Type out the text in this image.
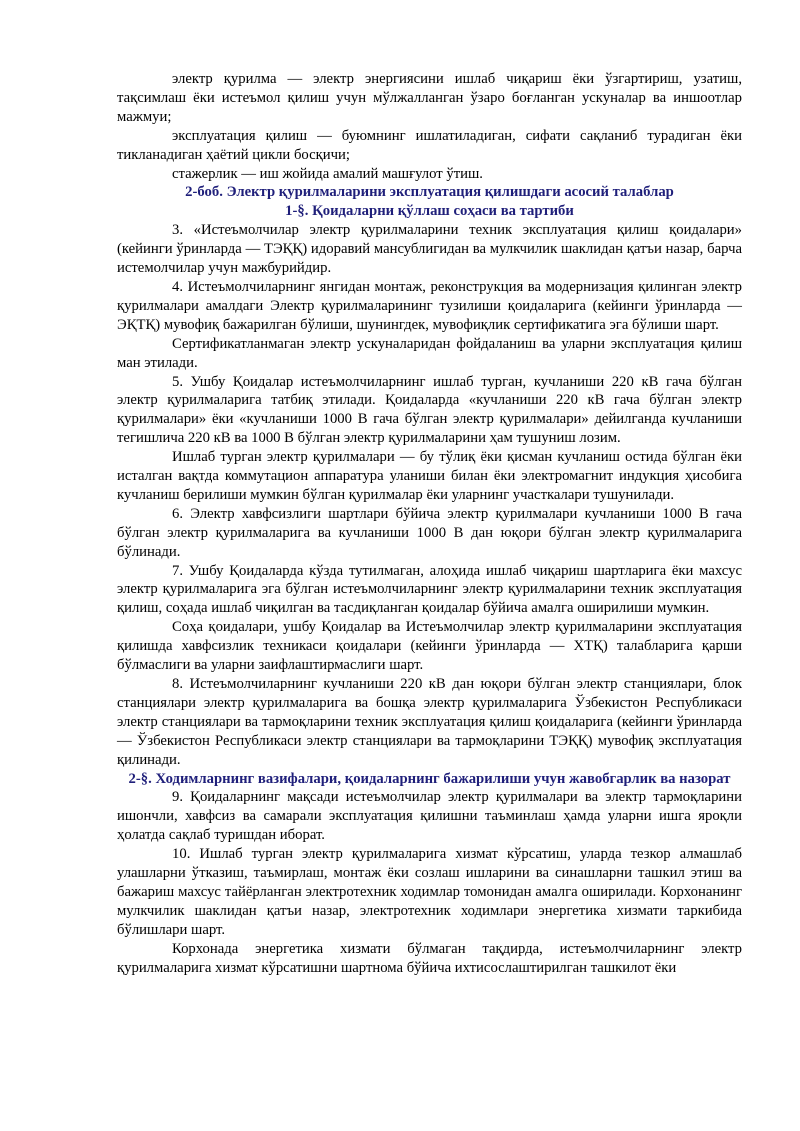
электр қурилма — электр энергиясини ишлаб чиқариш ёки ўзгартириш, узатиш, тақсимлаш ёки истеъмол қилиш учун мўлжалланган ўзаро боғланган ускуналар ва иншоотлар мажмуи;

эксплуатация қилиш — буюмнинг ишлатиладиган, сифати сақланиб турадиган ёки тикланадиган ҳаётий цикли босқичи;

стажерлик — иш жойида амалий машғулот ўтиш.

2-боб. Электр қурилмаларини эксплуатация қилишдаги асосий талаблар

1-§. Қоидаларни қўллаш соҳаси ва тартиби

3. «Истеъмолчилар электр қурилмаларини техник эксплуатация қилиш қоидалари» (кейинги ўринларда — ТЭҚҚ) идоравий мансублигидан ва мулкчилик шаклидан қатъи назар, барча истемолчилар учун мажбурийдир.

4. Истеъмолчиларнинг янгидан монтаж, реконструкция ва модернизация қилинган электр қурилмалари амалдаги Электр қурилмаларининг тузилиши қоидаларига (кейинги ўринларда — ЭҚТҚ) мувофиқ бажарилган бўлиши, шунингдек, мувофиқлик сертификатига эга бўлиши шарт.

Сертификатланмаган электр ускуналаридан фойдаланиш ва уларни эксплуатация қилиш ман этилади.

5. Ушбу Қоидалар истеъмолчиларнинг ишлаб турган, кучланиши 220 кВ гача бўлган электр қурилмаларига татбиқ этилади. Қоидаларда «кучланиши 220 кВ гача бўлган электр қурилмалари» ёки «кучланиши 1000 В гача бўлган электр қурилмалари» дейилганда кучланиши тегишлича 220 кВ ва 1000 В бўлган электр қурилмаларини ҳам тушуниш лозим.

Ишлаб турган электр қурилмалари — бу тўлиқ ёки қисман кучланиш остида бўлган ёки исталган вақтда коммутацион аппаратура уланиши билан ёки электромагнит индукция ҳисобига кучланиш берилиши мумкин бўлган қурилмалар ёки уларнинг участкалари тушунилади.

6. Электр хавфсизлиги шартлари бўйича электр қурилмалари кучланиши 1000 В гача бўлган электр қурилмаларига ва кучланиши 1000 В дан юқори бўлган электр қурилмаларига бўлинади.

7. Ушбу Қоидаларда кўзда тутилмаган, алоҳида ишлаб чиқариш шартларига ёки махсус электр қурилмаларига эга бўлган истеъмолчиларнинг электр қурилмаларини техник эксплуатация қилиш, соҳада ишлаб чиқилган ва тасдиқланган қоидалар бўйича амалга оширилиши мумкин.

Соҳа қоидалари, ушбу Қоидалар ва Истеъмолчилар электр қурилмаларини эксплуатация қилишда хавфсизлик техникаси қоидалари (кейинги ўринларда — ХТҚ) талабларига қарши бўлмаслиги ва уларни заифлаштирмаслиги шарт.

8. Истеъмолчиларнинг кучланиши 220 кВ дан юқори бўлган электр станциялари, блок станциялари электр қурилмаларига ва бошқа электр қурилмаларига Ўзбекистон Республикаси электр станциялари ва тармоқларини техник эксплуатация қилиш қоидаларига (кейинги ўринларда — Ўзбекистон Республикаси электр станциялари ва тармоқларини ТЭҚҚ) мувофиқ эксплуатация қилинади.

2-§. Ходимларнинг вазифалари, қоидаларнинг бажарилиши учун жавобгарлик ва назорат

9. Қоидаларнинг мақсади истеъмолчилар электр қурилмалари ва электр тармоқларини ишончли, хавфсиз ва самарали эксплуатация қилишни таъминлаш ҳамда уларни ишга яроқли ҳолатда сақлаб туришдан иборат.

10. Ишлаб турган электр қурилмаларига хизмат кўрсатиш, уларда тезкор алмашлаб улашларни ўтказиш, таъмирлаш, монтаж ёки созлаш ишларини ва синашларни ташкил этиш ва бажариш махсус тайёрланган электротехник ходимлар томонидан амалга оширилади. Корхонанинг мулкчилик шаклидан қатъи назар, электротехник ходимлари энергетика хизмати таркибида бўлишлари шарт.

Корхонада энергетика хизмати бўлмаган тақдирда, истеъмолчиларнинг электр қурилмаларига хизмат кўрсатишни шартнома бўйича ихтисослаштирилган ташкилот ёки
